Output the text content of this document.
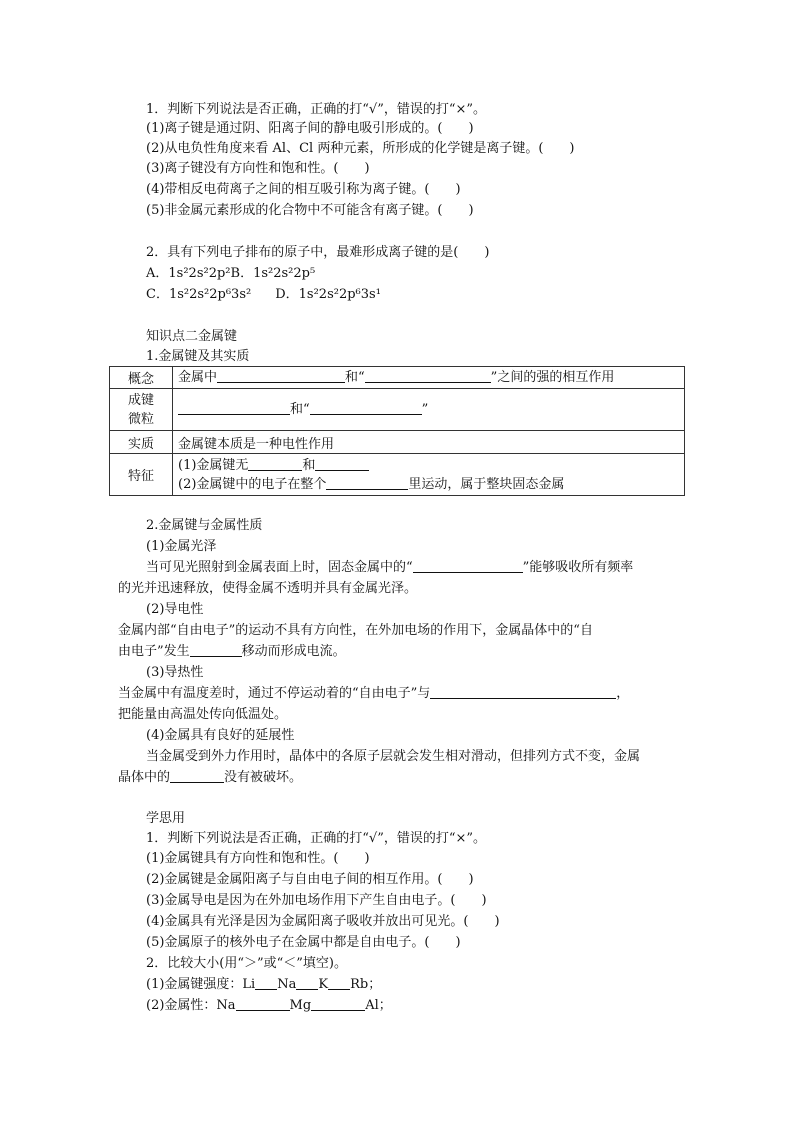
1．判断下列说法是否正确，正确的打“√”，错误的打“×”。
(1)离子键是通过阴、阳离子间的静电吸引形成的。(　　)
(2)从电负性角度来看 Al、Cl 两种元素，所形成的化学键是离子键。(　　)
(3)离子键没有方向性和饱和性。(　　)
(4)带相反电荷离子之间的相互吸引称为离子键。(　　)
(5)非金属元素形成的化合物中不可能含有离子键。(　　)
2．具有下列电子排布的原子中，最难形成离子键的是(　　)
A．1s²2s²2p²B．1s²2s²2p⁵
C．1s²2s²2p⁶3s² D．1s²2s²2p⁶3s¹
知识点二金属键
1.金属键及其实质
概念	金属中 和“ ”之间的强的相互作用

成键
微粒	和“ ”
实质	金属键本质是一种电性作用
特征	(1)金属键无 和
(2)金属键中的电子在整个 里运动，属于整块固态金属
2.金属键与金属性质
(1)金属光泽
当可见光照射到金属表面上时，固态金属中的“	”能够吸收所有频率
的光并迅速释放，使得金属不透明并具有金属光泽。
(2)导电性
金属内部“自由电子”的运动不具有方向性，在外加电场的作用下，金属晶体中的“自
由电子”发生	移动而形成电流。
(3)导热性
当金属中有温度差时，通过不停运动着的“自由电子”与	，
把能量由高温处传向低温处。
(4)金属具有良好的延展性
当金属受到外力作用时，晶体中的各原子层就会发生相对滑动，但排列方式不变，金属
晶体中的	没有被破坏。
学思用
1．判断下列说法是否正确，正确的打“√”，错误的打“×”。
(1)金属键具有方向性和饱和性。(　　)
(2)金属键是金属阳离子与自由电子间的相互作用。(　　)
(3)金属导电是因为在外加电场作用下产生自由电子。(　　)
(4)金属具有光泽是因为金属阳离子吸收并放出可见光。(　　)
(5)金属原子的核外电子在金属中都是自由电子。(　　)
2．比较大小(用“＞”或“＜”填空)。
(1)金属键强度：Li Na K Rb；
(2)金属性：Na	Mg	Al；
